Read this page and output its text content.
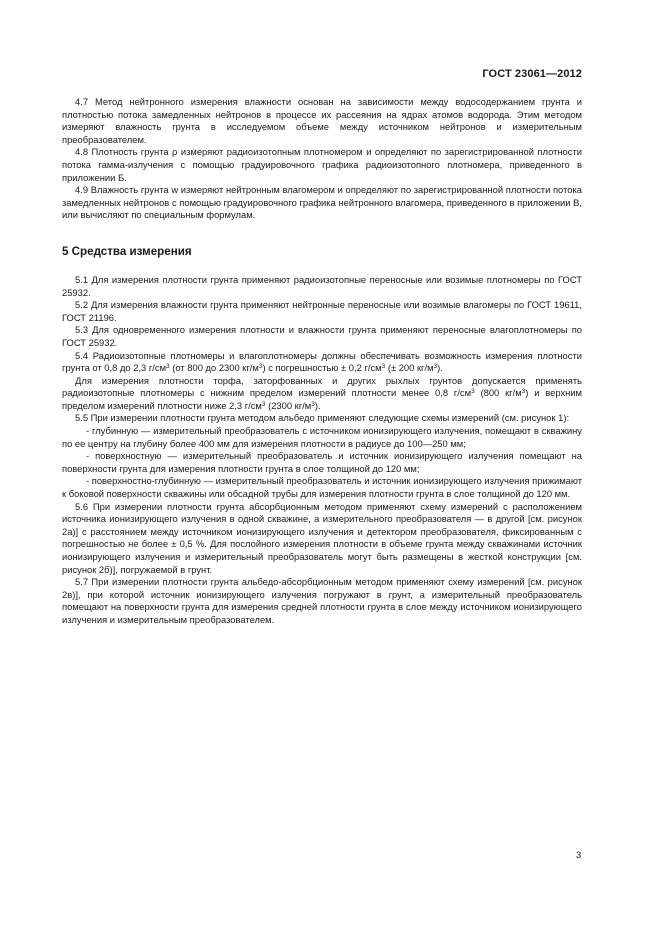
ГОСТ 23061—2012

4.7 Метод нейтронного измерения влажности основан на зависимости между водосодержанием грунта и плотностью потока замедленных нейтронов в процессе их рассеяния на ядрах атомов водорода. Этим методом измеряют влажность грунта в исследуемом объеме между источником нейтронов и измерительным преобразователем.

4.8 Плотность грунта ρ измеряют радиоизотопным плотномером и определяют по зарегистрированной плотности потока гамма-излучения с помощью градуировочного графика радиоизотопного плотномера, приведенного в приложении Б.

4.9 Влажность грунта w измеряют нейтронным влагомером и определяют по зарегистрированной плотности потока замедленных нейтронов с помощью градуировочного графика нейтронного влагомера, приведенного в приложении В, или вычисляют по специальным формулам.

5 Средства измерения

5.1 Для измерения плотности грунта применяют радиоизотопные переносные или возимые плотномеры по ГОСТ 25932.

5.2 Для измерения влажности грунта применяют нейтронные переносные или возимые влагомеры по ГОСТ 19611, ГОСТ 21196.

5.3 Для одновременного измерения плотности и влажности грунта применяют переносные влагоплотномеры по ГОСТ 25932.

5.4 Радиоизотопные плотномеры и влагоплотномеры должны обеспечивать возможность измерения плотности грунта от 0,8 до 2,3 $г/см^3$ (от 800 до 2300 $кг/м^3$) с погрешностью ± 0,2 $г/см^3$ (± 200 $кг/м^3$).

Для измерения плотности торфа, заторфованных и других рыхлых грунтов допускается применять радиоизотопные плотномеры с нижним пределом измерений плотности менее 0,8 $г/см^3$ (800 $кг/м^3$) и верхним пределом измерений плотности ниже 2,3 $г/см^3$ (2300 $кг/м^3$).

5.5 При измерении плотности грунта методом альбедо применяют следующие схемы измерений (см. рисунок 1):

- глубинную — измерительный преобразователь с источником ионизирующего излучения, помещают в скважину по ее центру на глубину более 400 мм для измерения плотности в радиусе до 100—250 мм;

- поверхностную — измерительный преобразователь и источник ионизирующего излучения помещают на поверхности грунта для измерения плотности грунта в слое толщиной до 120 мм;

- поверхностно-глубинную — измерительный преобразователь и источник ионизирующего излучения прижимают к боковой поверхности скважины или обсадной трубы для измерения плотности грунта в слое толщиной до 120 мм.

5.6 При измерении плотности грунта абсорбционным методом применяют схему измерений с расположением источника ионизирующего излучения в одной скважине, а измерительного преобразователя — в другой [см. рисунок 2а)] с расстоянием между источником ионизирующего излучения и детектором преобразователя, фиксированным с погрешностью не более ± 0,5 %. Для послойного измерения плотности в объеме грунта между скважинами источник ионизирующего излучения и измерительный преобразователь могут быть размещены в жесткой конструкции [см. рисунок 2б)], погружаемой в грунт.

5.7 При измерении плотности грунта альбедо-абсорбционным методом применяют схему измерений [см. рисунок 2в)], при которой источник ионизирующего излучения погружают в грунт, а измерительный преобразователь помещают на поверхности грунта для измерения средней плотности грунта в слое между источником ионизирующего излучения и измерительным преобразователем.

3
